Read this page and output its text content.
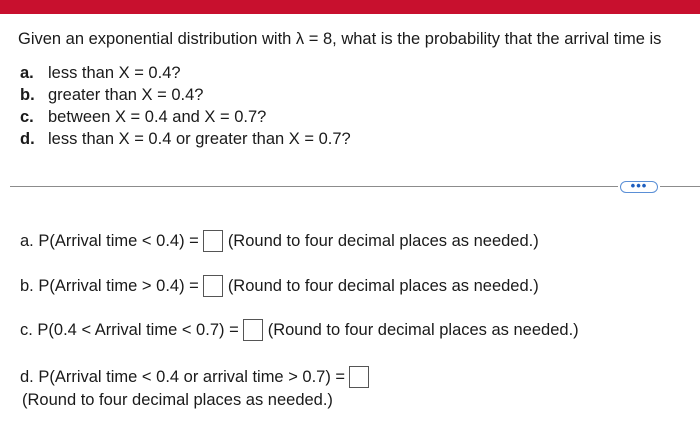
Given an exponential distribution with λ = 8, what is the probability that the arrival time is
a. less than X = 0.4?
b. greater than X = 0.4?
c. between X = 0.4 and X = 0.7?
d. less than X = 0.4 or greater than X = 0.7?
•••
a. P(Arrival time < 0.4) = (Round to four decimal places as needed.)
b. P(Arrival time > 0.4) = (Round to four decimal places as needed.)
c. P(0.4 < Arrival time < 0.7) = (Round to four decimal places as needed.)
d. P(Arrival time < 0.4 or arrival time > 0.7) =
(Round to four decimal places as needed.)
